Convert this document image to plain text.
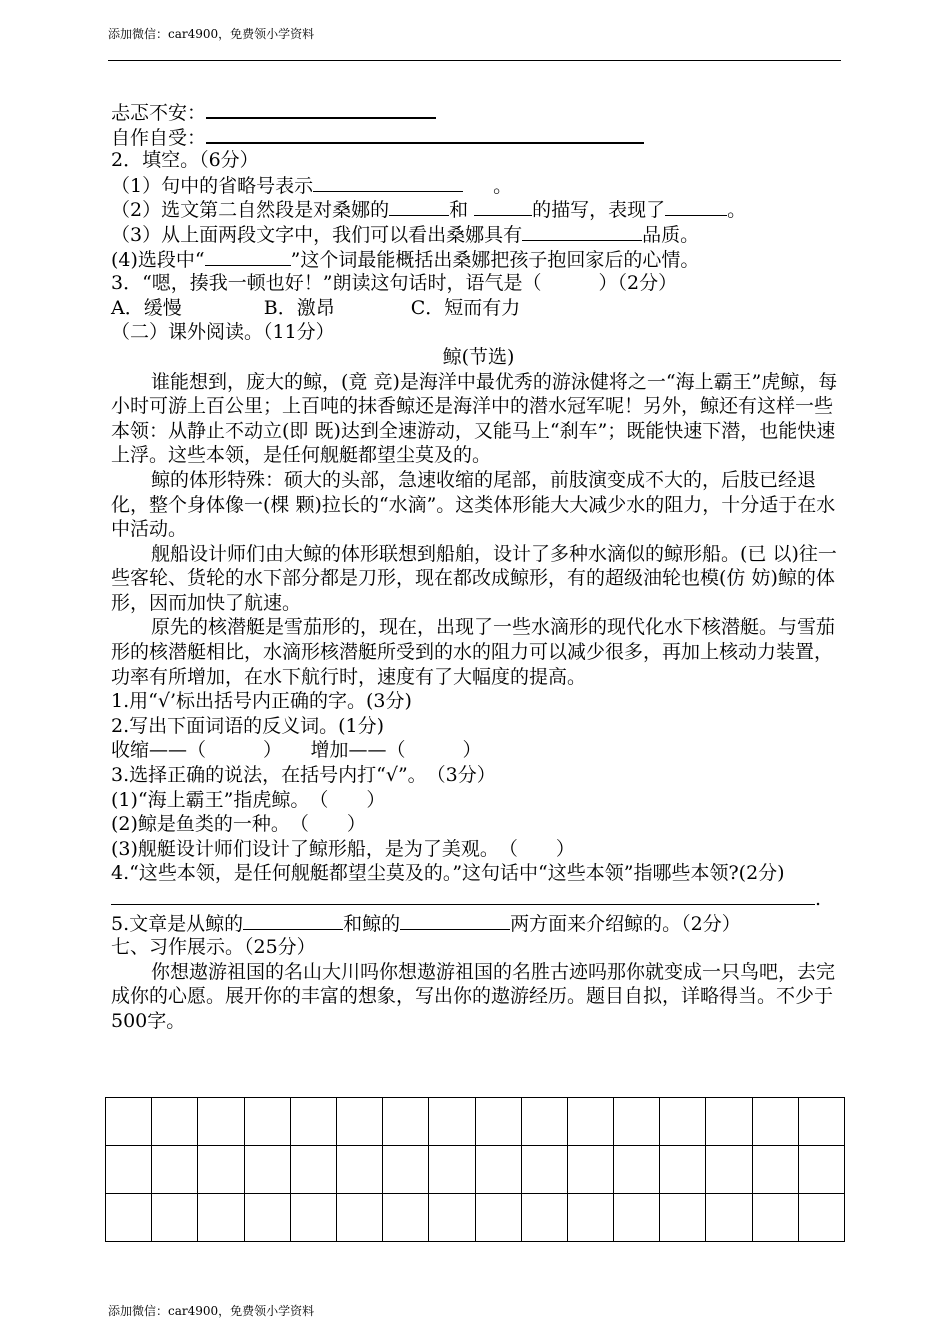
添加微信：car4900，免费领小学资料
忐忑不安：
自作自受：
2．填空。（6分）
（1）句中的省略号表示	。
（2）选文第二自然段是对桑娜的	和	的描写，表现了	。
（3）从上面两段文字中，我们可以看出桑娜具有	品质。
(4)选段中“	”这个词最能概括出桑娜把孩子抱回家后的心情。
3．“嗯，揍我一顿也好！”朗读这句话时，语气是（　　　）（2分）
A．缓慢　　　　 B．激昂　　　　C．短而有力
（二）课外阅读。（11分）
鲸(节选)
谁能想到，庞大的鲸，(竟 竞)是海洋中最优秀的游泳健将之一“海上霸王”虎鲸，每小时可游上百公里；上百吨的抹香鲸还是海洋中的潜水冠军呢！另外，鲸还有这样一些本领：从静止不动立(即 既)达到全速游动，又能马上“刹车”；既能快速下潜，也能快速上浮。这些本领，是任何舰艇都望尘莫及的。
鲸的体形特殊：硕大的头部，急速收缩的尾部，前肢演变成不大的，后肢已经退化，整个身体像一(棵 颗)拉长的“水滴”。这类体形能大大减少水的阻力，十分适于在水中活动。
舰船设计师们由大鲸的体形联想到船舶，设计了多种水滴似的鲸形船。(已 以)往一些客轮、货轮的水下部分都是刀形，现在都改成鲸形，有的超级油轮也模(仿 妨)鲸的体形，因而加快了航速。
原先的核潜艇是雪茄形的，现在，出现了一些水滴形的现代化水下核潜艇。与雪茄形的核潜艇相比，水滴形核潜艇所受到的水的阻力可以减少很多，再加上核动力装置，功率有所增加，在水下航行时，速度有了大幅度的提高。
1.用“√’标出括号内正确的字。(3分)
2.写出下面词语的反义词。(1分)
收缩——（　　　）　　增加——（　　　）
3.选择正确的说法，在括号内打“√”。　（3分）
(1)“海上霸王”指虎鲸。　（　　）
(2)鲸是鱼类的一种。　（　　）
(3)舰艇设计师们设计了鲸形船，是为了美观。　（　　）
4.“这些本领，是任何舰艇都望尘莫及的。”这句话中“这些本领”指哪些本领?(2分)
.
5.文章是从鲸的	和鲸的	两方面来介绍鲸的。（2分）
七、习作展示。（25分）
你想遨游祖国的名山大川吗你想遨游祖国的名胜古迹吗那你就变成一只鸟吧，去完成你的心愿。展开你的丰富的想象，写出你的遨游经历。题目自拟，详略得当。不少于500字。

添加微信：car4900，免费领小学资料
